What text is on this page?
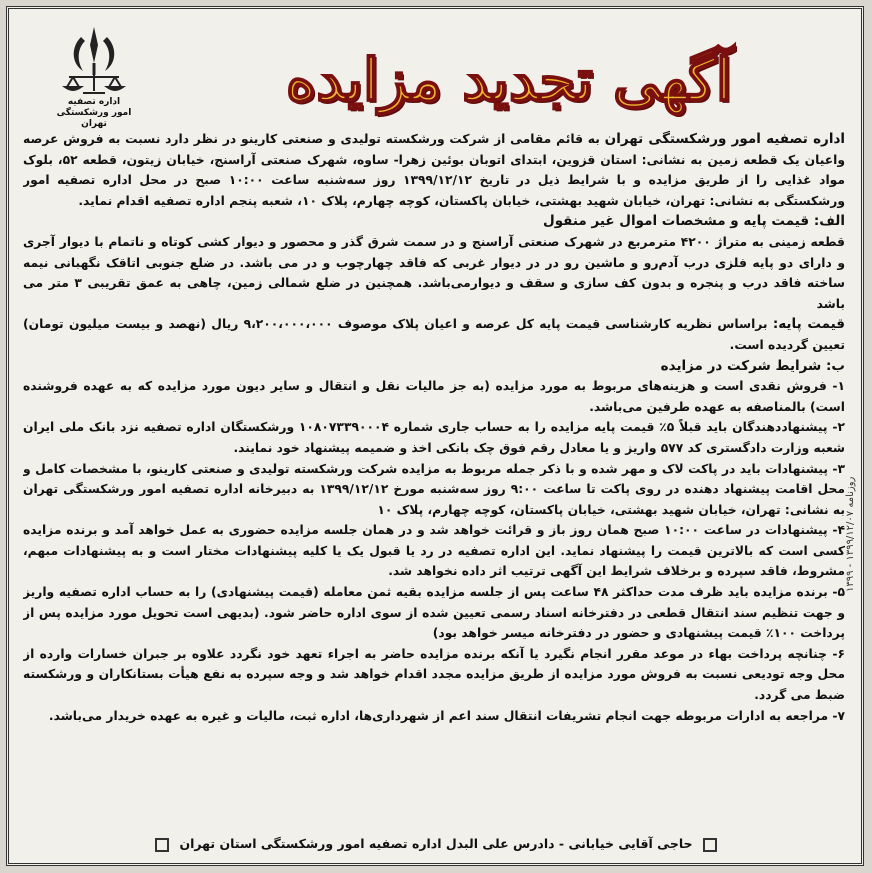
روزنامه ۱۳۹۹/۱۲/۰۷ - ۱۳۹۹
اداره تصفیه
امور ورشکستگی تهران
آگهی تجدید مزایده

اداره تصفیه امور ورشکستگی تهران به قائم مقامی از شرکت ورشکسته تولیدی و صنعتی کارینو در نظر دارد نسبت به فروش عرصه واعیان یک قطعه زمین به نشانی: استان قزوین، ابتدای اتوبان بوئین زهرا- ساوه، شهرک صنعتی آراسنج، خیابان زیتون، قطعه ۵۲، بلوک مواد غذایی را از طریق مزایده و با شرایط ذیل در تاریخ ۱۳۹۹/۱۲/۱۲ روز سه‌شنبه ساعت ۱۰:۰۰ صبح در محل اداره تصفیه امور ورشکستگی به نشانی: تهران، خیابان شهید بهشتی، خیابان پاکستان، کوچه چهارم، پلاک ۱۰، شعبه پنجم اداره تصفیه اقدام نماید.

الف: قیمت پایه و مشخصات اموال غیر منقول

قطعه زمینی به متراژ ۴۲۰۰ مترمربع در شهرک صنعتی آراسنج و در سمت شرق گذر و محصور و دیوار کشی کوتاه و ناتمام با دیوار آجری و دارای دو پایه فلزی درب آدم‌رو و ماشین رو در در دیوار غربی که فاقد چهارچوب و در می باشد. در ضلع جنوبی اتاقک نگهبانی نیمه ساخته فاقد درب و پنجره و بدون کف سازی و سقف و دیوارمی‌باشد. همچنین در ضلع شمالی زمین، چاهی به عمق تقریبی ۳ متر می باشد

قیمت پایه: براساس نظریه کارشناسی قیمت پایه کل عرصه و اعیان پلاک موصوف ۹،۲۰۰،۰۰۰،۰۰۰ ریال (نهصد و بیست میلیون تومان) تعیین گردیده است.

ب: شرایط شرکت در مزایده

۱- فروش نقدی است و هزینه‌های مربوط به مورد مزایده (به جز مالیات نقل و انتقال و سایر دیون مورد مزایده که به عهده فروشنده است) بالمناصفه به عهده طرفین می‌باشد.

۲- پیشنهاددهندگان باید قبلاً ۵٪ قیمت پایه مزایده را به حساب جاری شماره ۱۰۸۰۷۳۳۹۰۰۰۴ ورشکستگان اداره تصفیه نزد بانک ملی ایران شعبه وزارت دادگستری کد ۵۷۷ واریز و یا معادل رقم فوق چک بانکی اخذ و ضمیمه پیشنهاد خود نمایند.

۳- پیشنهادات باید در پاکت لاک و مهر شده و با ذکر جمله مربوط به مزایده شرکت ورشکسته تولیدی و صنعتی کارینو، با مشخصات کامل و محل اقامت پیشنهاد دهنده در روی پاکت تا ساعت ۹:۰۰ روز سه‌شنبه مورخ ۱۳۹۹/۱۲/۱۲ به دبیرخانه اداره تصفیه امور ورشکستگی تهران به نشانی: تهران، خیابان شهید بهشتی، خیابان پاکستان، کوچه چهارم، پلاک ۱۰

۴- پیشنهادات در ساعت ۱۰:۰۰ صبح همان روز باز و قرائت خواهد شد و در همان جلسه مزایده حضوری به عمل خواهد آمد و برنده مزایده کسی است که بالاترین قیمت را پیشنهاد نماید. این اداره تصفیه در رد یا قبول یک یا کلیه پیشنهادات مختار است و به پیشنهادات مبهم، مشروط، فاقد سپرده و برخلاف شرایط این آگهی ترتیب اثر داده نخواهد شد.

۵- برنده مزایده باید ظرف مدت حداکثر ۴۸ ساعت پس از جلسه مزایده بقیه ثمن معامله (قیمت پیشنهادی) را به حساب اداره تصفیه واریز و جهت تنظیم سند انتقال قطعی در دفترخانه اسناد رسمی تعیین شده از سوی اداره حاضر شود. (بدیهی است تحویل مورد مزایده پس از پرداخت ۱۰۰٪ قیمت پیشنهادی و حضور در دفترخانه میسر خواهد بود)

۶- چنانچه پرداخت بهاء در موعد مقرر انجام نگیرد یا آنکه برنده مزایده حاضر به اجراء تعهد خود نگردد علاوه بر جبران خسارات وارده از محل وجه تودیعی نسبت به فروش مورد مزایده از طریق مزایده مجدد اقدام خواهد شد و وجه سپرده به نفع هیأت بستانکاران و ورشکسته ضبط می گردد.

۷- مراجعه به ادارات مربوطه جهت انجام تشریفات انتقال سند اعم از شهرداری‌ها، اداره ثبت، مالیات و غیره به عهده خریدار می‌باشد.

حاجی آقایی خیابانی - دادرس علی البدل اداره تصفیه امور ورشکستگی استان تهران
